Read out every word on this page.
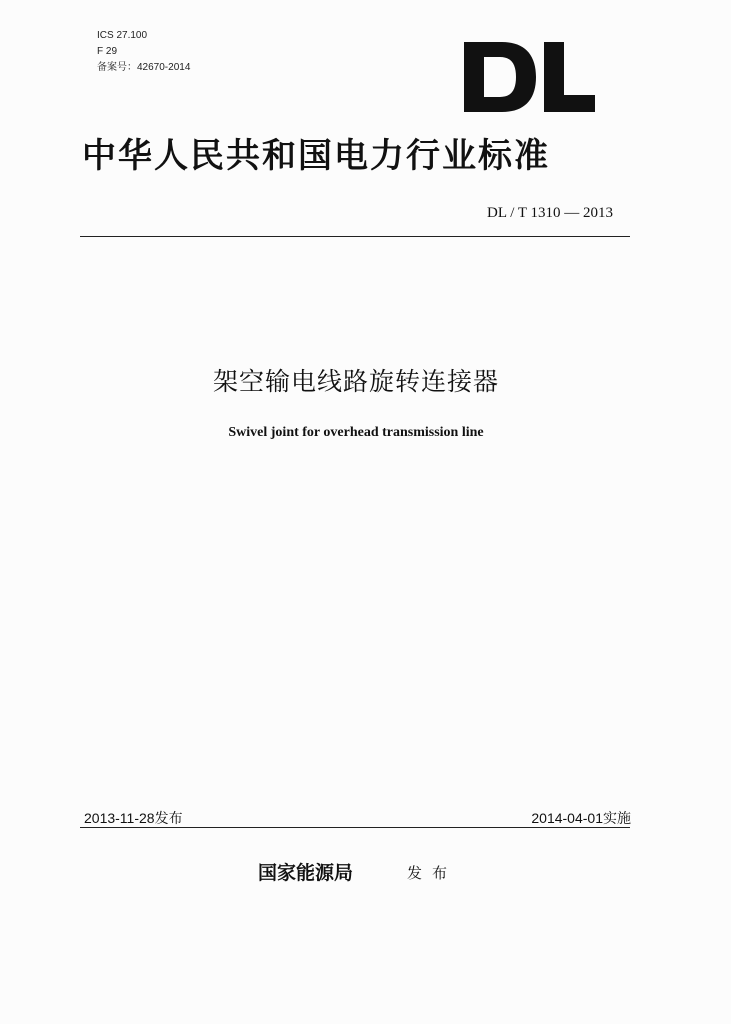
ICS 27.100
F 29
备案号：42670-2014
中华人民共和国电力行业标准
DL / T 1310 — 2013
架空输电线路旋转连接器
Swivel joint for overhead transmission line
2013-11-28发布	2014-04-01实施
国家能源局	发布
